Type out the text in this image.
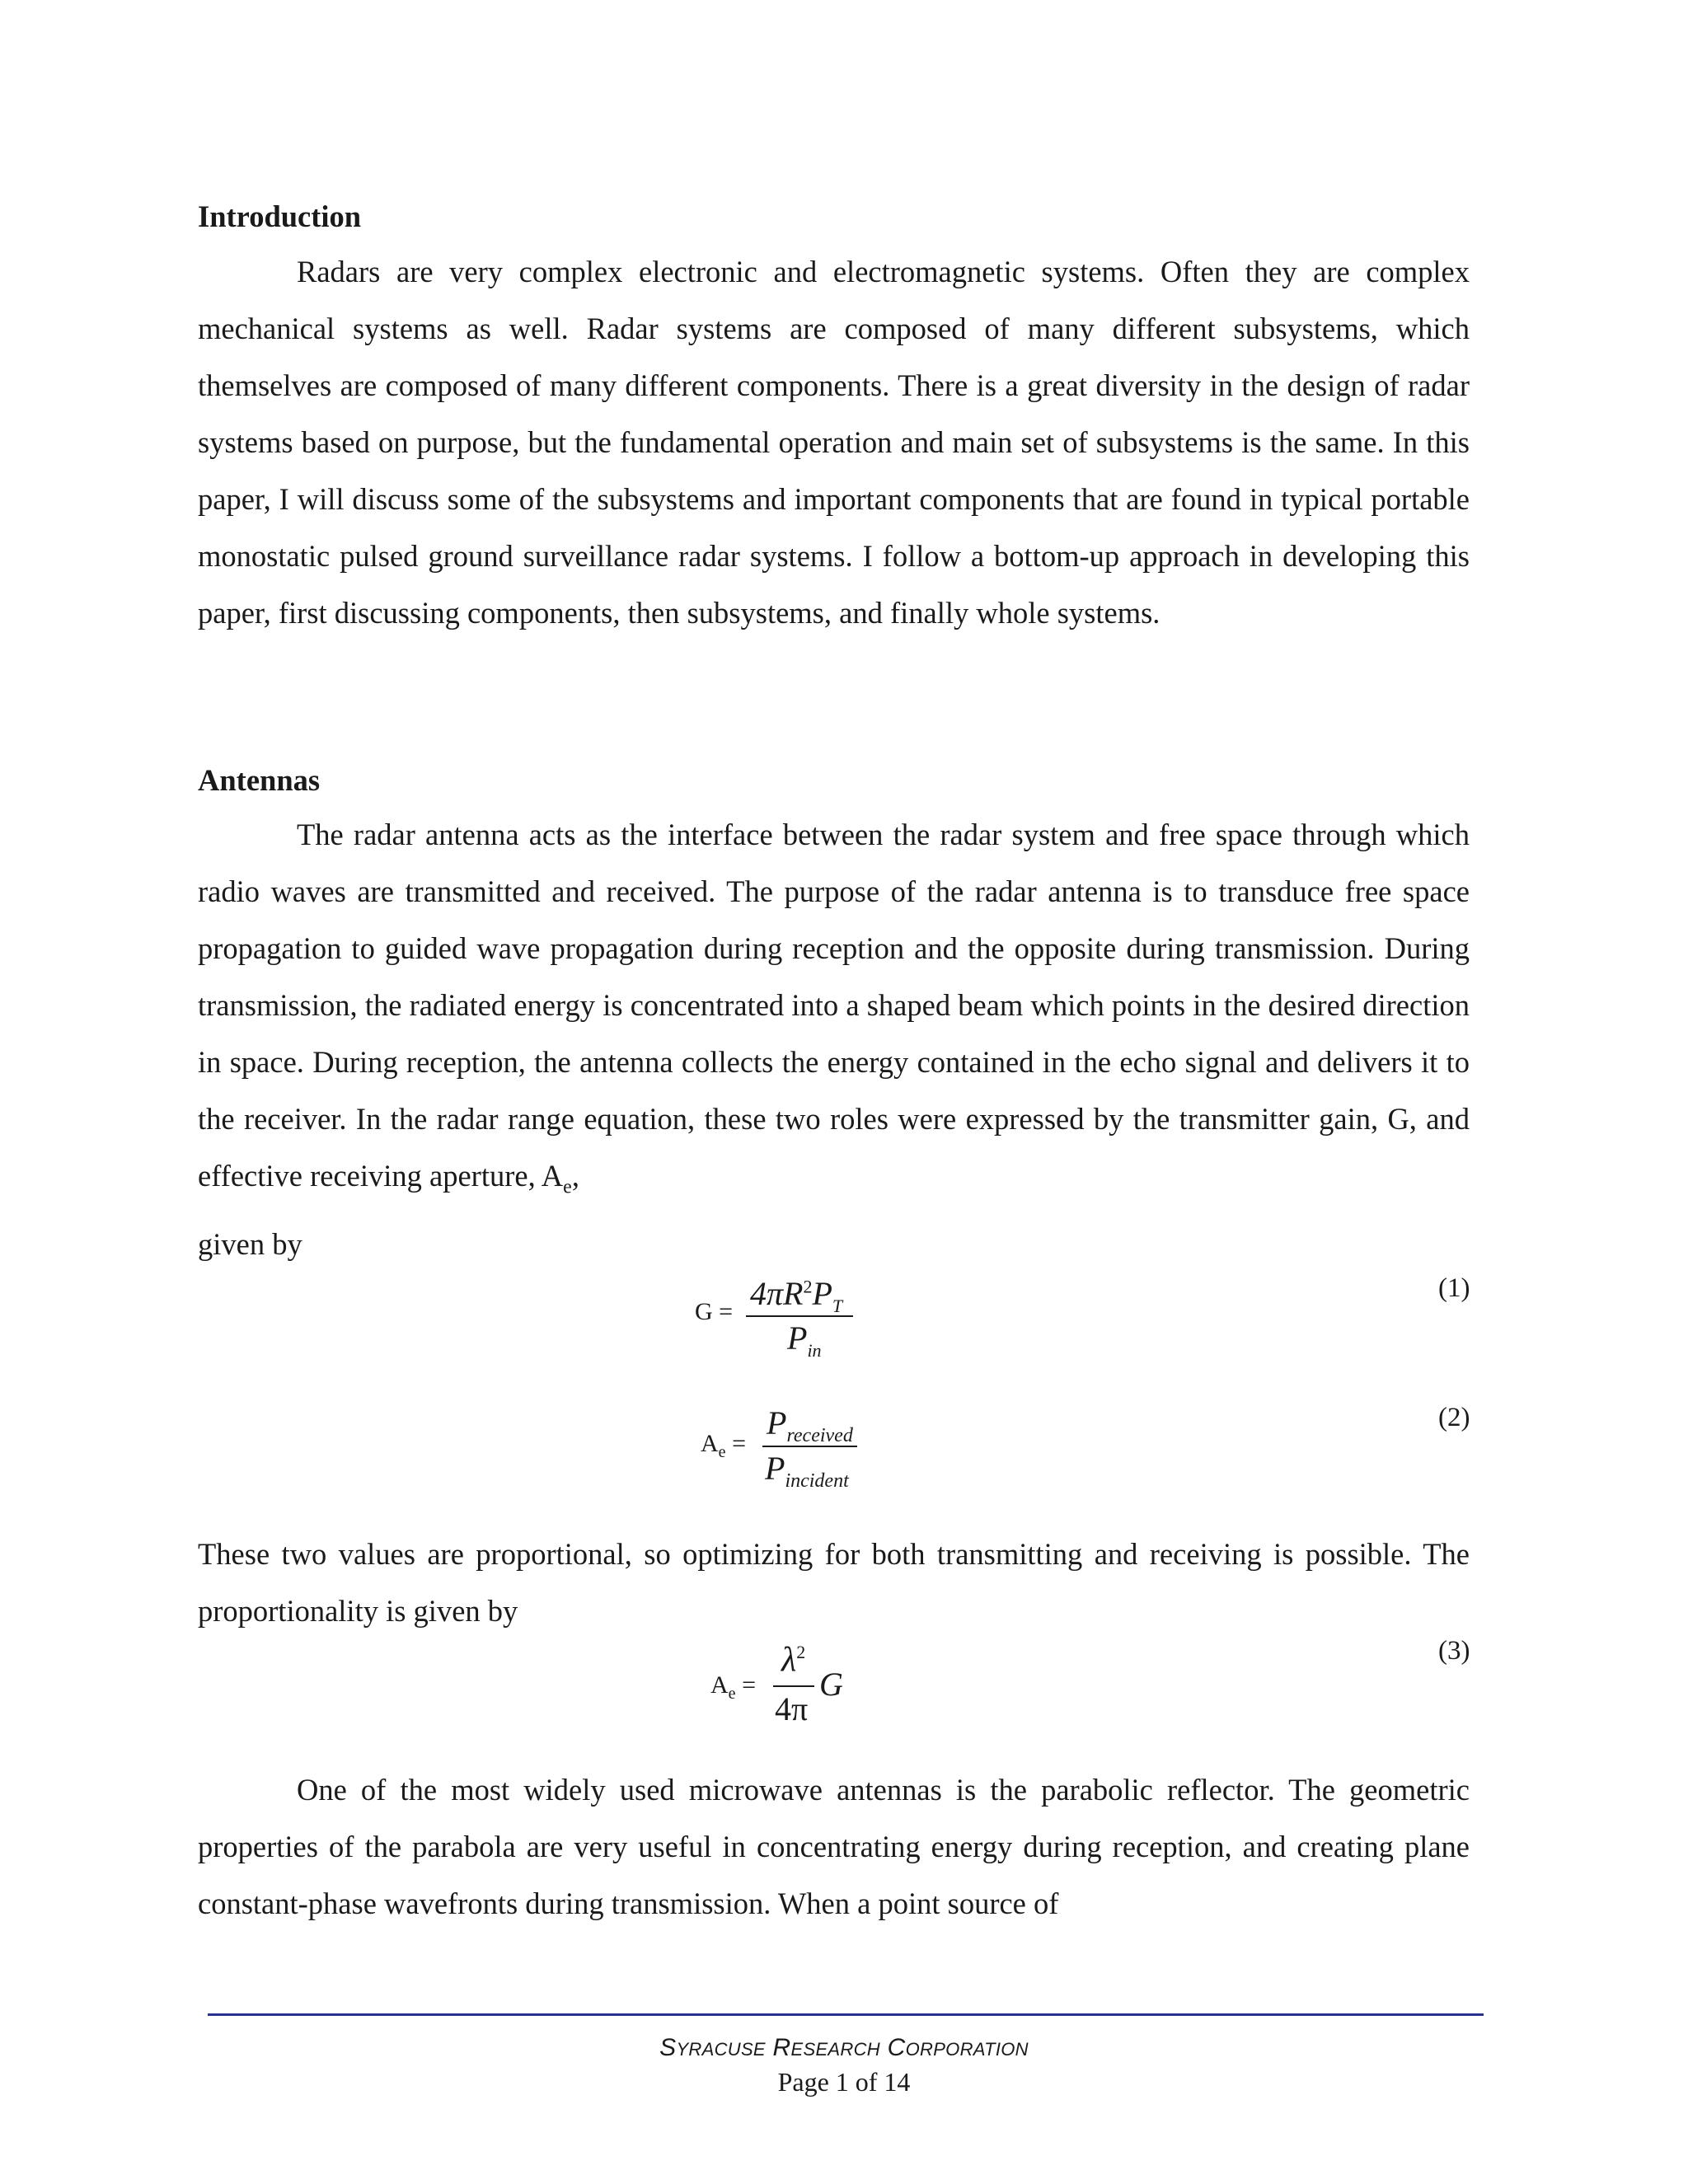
Introduction

Radars are very complex electronic and electromagnetic systems. Often they are complex mechanical systems as well. Radar systems are composed of many different subsystems, which themselves are composed of many different components. There is a great diversity in the design of radar systems based on purpose, but the fundamental operation and main set of subsystems is the same. In this paper, I will discuss some of the subsystems and important components that are found in typical portable monostatic pulsed ground surveillance radar systems. I follow a bottom-up approach in developing this paper, first discussing components, then subsystems, and finally whole systems.

Antennas

The radar antenna acts as the interface between the radar system and free space through which radio waves are transmitted and received. The purpose of the radar antenna is to transduce free space propagation to guided wave propagation during reception and the opposite during transmission. During transmission, the radiated energy is concentrated into a shaped beam which points in the desired direction in space. During reception, the antenna collects the energy contained in the echo signal and delivers it to the receiver. In the radar range equation, these two roles were expressed by the transmitter gain, G, and effective receiving aperture, $A_e$,
given by

$G = 4\pi R^2P_T$
$P_{in}$
(1)
$A_e$ =
$P_{received}$
$P_{incident}$
(2)

These two values are proportional, so optimizing for both transmitting and receiving is possible. The proportionality is given by

$A_e$ =
$\lambda^2$
4π
G
(3)

One of the most widely used microwave antennas is the parabolic reflector. The geometric properties of the parabola are very useful in concentrating energy during reception, and creating plane constant-phase wavefronts during transmission. When a point source of

SYRACUSE RESEARCH CORPORATION
Page 1 of 14
